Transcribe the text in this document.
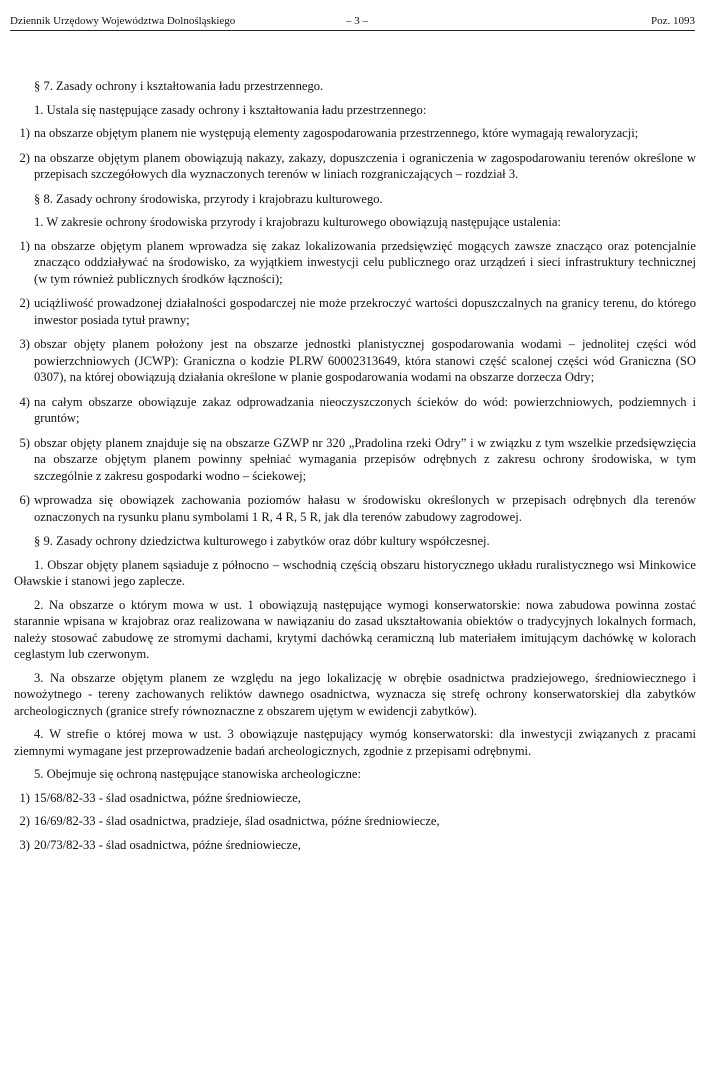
Dziennik Urzędowy Województwa Dolnośląskiego	– 3 –	Poz. 1093

§ 7. Zasady ochrony i kształtowania ładu przestrzennego.

1. Ustala się następujące zasady ochrony i kształtowania ładu przestrzennego:

1) na obszarze objętym planem nie występują elementy zagospodarowania przestrzennego, które wymagają rewaloryzacji;
2) na obszarze objętym planem obowiązują nakazy, zakazy, dopuszczenia i ograniczenia w zagospodarowaniu terenów określone w przepisach szczegółowych dla wyznaczonych terenów w liniach rozgraniczających – rozdział 3.

§ 8. Zasady ochrony środowiska, przyrody i krajobrazu kulturowego.

1. W zakresie ochrony środowiska przyrody i krajobrazu kulturowego obowiązują następujące ustalenia:

1) na obszarze objętym planem wprowadza się zakaz lokalizowania przedsięwzięć mogących zawsze znacząco oraz potencjalnie znacząco oddziaływać na środowisko, za wyjątkiem inwestycji celu publicznego oraz urządzeń i sieci infrastruktury technicznej (w tym również publicznych środków łączności);
2) uciążliwość prowadzonej działalności gospodarczej nie może przekroczyć wartości dopuszczalnych na granicy terenu, do którego inwestor posiada tytuł prawny;
3) obszar objęty planem położony jest na obszarze jednostki planistycznej gospodarowania wodami – jednolitej części wód powierzchniowych (JCWP): Graniczna o kodzie PLRW 60002313649, która stanowi część scalonej części wód Graniczna (SO 0307), na której obowiązują działania określone w planie gospodarowania wodami na obszarze dorzecza Odry;
4) na całym obszarze obowiązuje zakaz odprowadzania nieoczyszczonych ścieków do wód: powierzchniowych, podziemnych i gruntów;
5) obszar objęty planem znajduje się na obszarze GZWP nr 320 „Pradolina rzeki Odry” i w związku z tym wszelkie przedsięwzięcia na obszarze objętym planem powinny spełniać wymagania przepisów odrębnych z zakresu ochrony środowiska, w tym szczególnie z zakresu gospodarki wodno – ściekowej;
6) wprowadza się obowiązek zachowania poziomów hałasu w środowisku określonych w przepisach odrębnych dla terenów oznaczonych na rysunku planu symbolami 1 R, 4 R, 5 R, jak dla terenów zabudowy zagrodowej.

§ 9. Zasady ochrony dziedzictwa kulturowego i zabytków oraz dóbr kultury współczesnej.

1. Obszar objęty planem sąsiaduje z północno – wschodnią częścią obszaru historycznego układu ruralistycznego wsi Minkowice Oławskie i stanowi jego zaplecze.

2. Na obszarze o którym mowa w ust. 1 obowiązują następujące wymogi konserwatorskie: nowa zabudowa powinna zostać starannie wpisana w krajobraz oraz realizowana w nawiązaniu do zasad ukształtowania obiektów o tradycyjnych lokalnych formach, należy stosować zabudowę ze stromymi dachami, krytymi dachówką ceramiczną lub materiałem imitującym dachówkę w kolorach ceglastym lub czerwonym.

3. Na obszarze objętym planem ze względu na jego lokalizację w obrębie osadnictwa pradziejowego, średniowiecznego i nowożytnego - tereny zachowanych reliktów dawnego osadnictwa, wyznacza się strefę ochrony konserwatorskiej dla zabytków archeologicznych (granice strefy równoznaczne z obszarem ujętym w ewidencji zabytków).

4. W strefie o której mowa w ust. 3 obowiązuje następujący wymóg konserwatorski: dla inwestycji związanych z pracami ziemnymi wymagane jest przeprowadzenie badań archeologicznych, zgodnie z przepisami odrębnymi.

5. Obejmuje się ochroną następujące stanowiska archeologiczne:

1) 15/68/82-33 - ślad osadnictwa, późne średniowiecze,
2) 16/69/82-33 - ślad osadnictwa, pradzieje, ślad osadnictwa, późne średniowiecze,
3) 20/73/82-33 - ślad osadnictwa, późne średniowiecze,
